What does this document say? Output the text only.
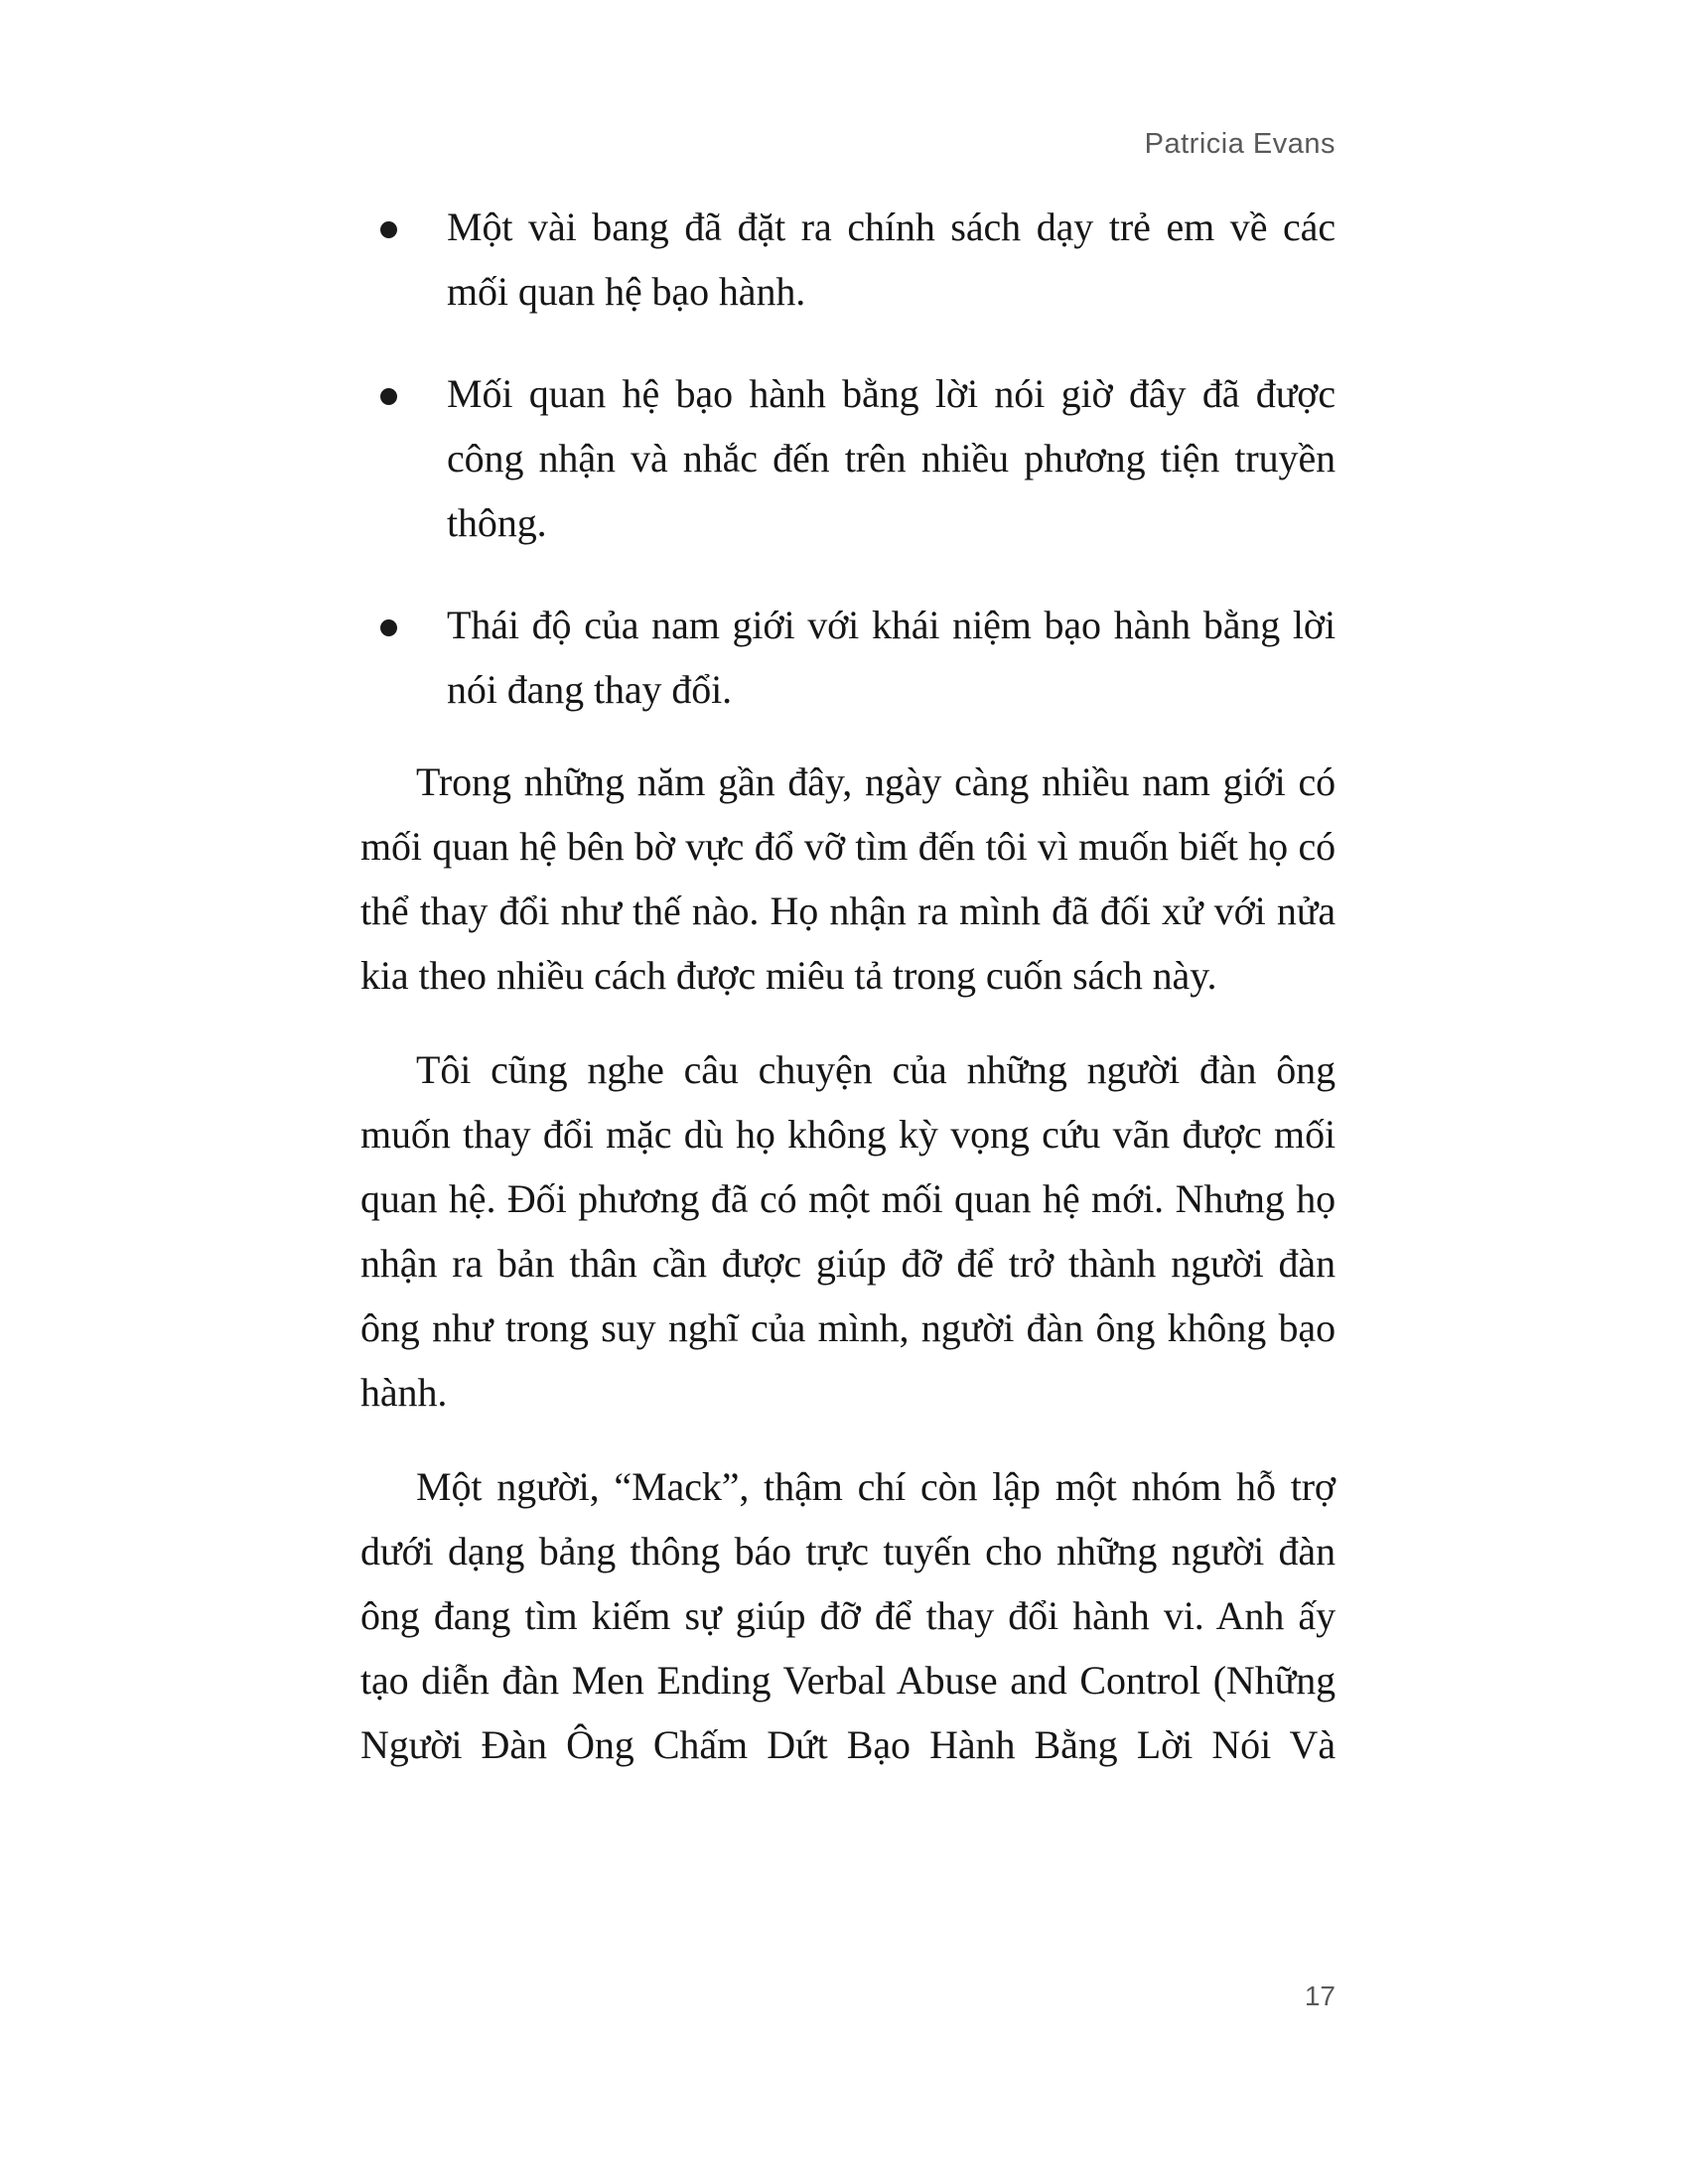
Patricia Evans
Một vài bang đã đặt ra chính sách dạy trẻ em về các mối quan hệ bạo hành.
Mối quan hệ bạo hành bằng lời nói giờ đây đã được công nhận và nhắc đến trên nhiều phương tiện truyền thông.
Thái độ của nam giới với khái niệm bạo hành bằng lời nói đang thay đổi.

Trong những năm gần đây, ngày càng nhiều nam giới có mối quan hệ bên bờ vực đổ vỡ tìm đến tôi vì muốn biết họ có thể thay đổi như thế nào. Họ nhận ra mình đã đối xử với nửa kia theo nhiều cách được miêu tả trong cuốn sách này.

Tôi cũng nghe câu chuyện của những người đàn ông muốn thay đổi mặc dù họ không kỳ vọng cứu vãn được mối quan hệ. Đối phương đã có một mối quan hệ mới. Nhưng họ nhận ra bản thân cần được giúp đỡ để trở thành người đàn ông như trong suy nghĩ của mình, người đàn ông không bạo hành.

Một người, “Mack”, thậm chí còn lập một nhóm hỗ trợ dưới dạng bảng thông báo trực tuyến cho những người đàn ông đang tìm kiếm sự giúp đỡ để thay đổi hành vi. Anh ấy tạo diễn đàn Men Ending Verbal Abuse and Control (Những Người Đàn Ông Chấm Dứt Bạo Hành Bằng Lời Nói Và

17
